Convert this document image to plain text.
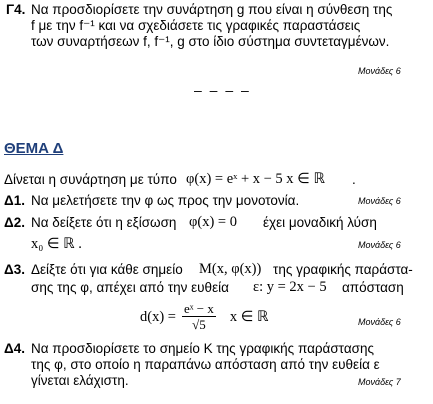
Γ4. Να προσδιορίσετε την συνάρτηση g που είναι η σύνθεση της
f με την f⁻¹ και να σχεδιάσετε τις γραφικές παραστάσεις
των συναρτήσεων f, f⁻¹, g στο ίδιο σύστημα συντεταγμένων.
Μονάδες 6
– – – –
ΘΕΜΑ Δ
Δίνεται η συνάρτηση με τύπο φ(x) = eˣ + x − 5 x ∈ ℝ .
Δ1. Να μελετήσετε την φ ως προς την μονοτονία.	Μονάδες 6
Δ2. Να δείξετε ότι η εξίσωση φ(x) = 0 έχει μοναδική λύση
x₀ ∈ ℝ .	Μονάδες 6
Δ3. Δείξτε ότι για κάθε σημείο M(x, φ(x)) της γραφικής παράστα-
σης της φ, απέχει από την ευθεία ε: y = 2x − 5 απόσταση
$d(x) = \frac{\text{eˣ − x}}{√5}$ x ∈ ℝ	Μονάδες 6
Δ4. Να προσδιορίσετε το σημείο Κ της γραφικής παράστασης
της φ, στο οποίο η παραπάνω απόσταση από την ευθεία ε
γίνεται ελάχιστη.	Μονάδες 7
